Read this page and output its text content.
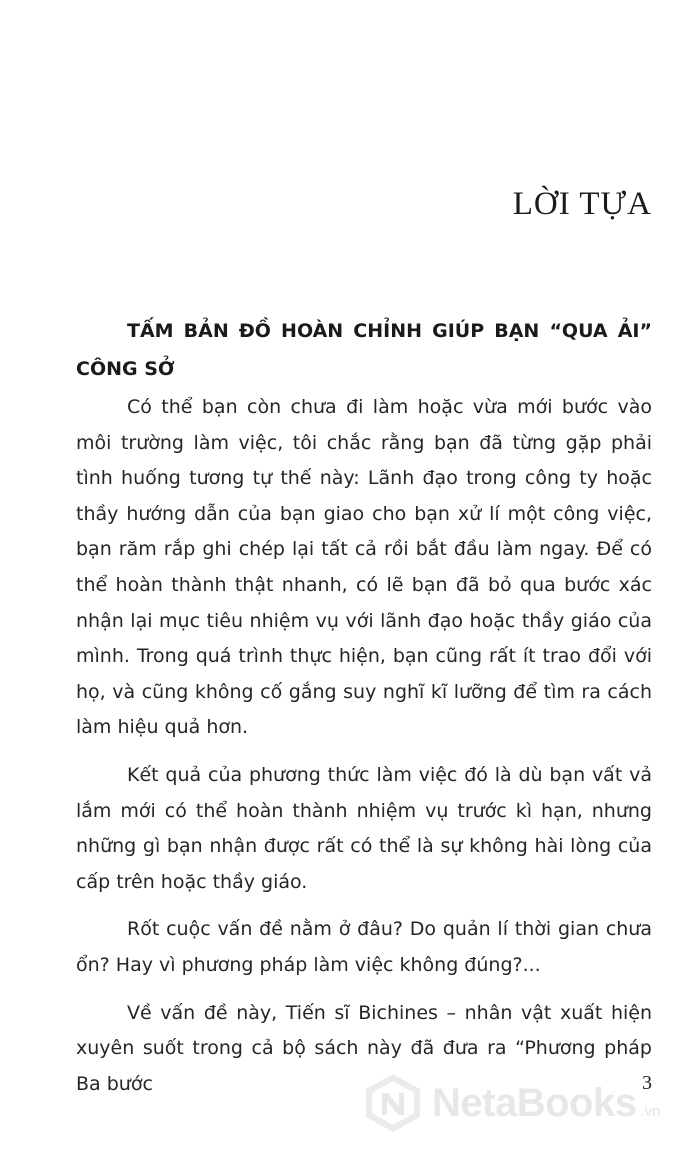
LỜI TỰA
TẤM BẢN ĐỒ HOÀN CHỈNH GIÚP BẠN “QUA ẢI” CÔNG SỞ

Có thể bạn còn chưa đi làm hoặc vừa mới bước vào môi trường làm việc, tôi chắc rằng bạn đã từng gặp phải tình huống tương tự thế này: Lãnh đạo trong công ty hoặc thầy hướng dẫn của bạn giao cho bạn xử lí một công việc, bạn răm rắp ghi chép lại tất cả rồi bắt đầu làm ngay. Để có thể hoàn thành thật nhanh, có lẽ bạn đã bỏ qua bước xác nhận lại mục tiêu nhiệm vụ với lãnh đạo hoặc thầy giáo của mình. Trong quá trình thực hiện, bạn cũng rất ít trao đổi với họ, và cũng không cố gắng suy nghĩ kĩ lưỡng để tìm ra cách làm hiệu quả hơn.

Kết quả của phương thức làm việc đó là dù bạn vất vả lắm mới có thể hoàn thành nhiệm vụ trước kì hạn, nhưng những gì bạn nhận được rất có thể là sự không hài lòng của cấp trên hoặc thầy giáo.

Rốt cuộc vấn đề nằm ở đâu? Do quản lí thời gian chưa ổn? Hay vì phương pháp làm việc không đúng?...

Về vấn đề này, Tiến sĩ Bichines – nhân vật xuất hiện xuyên suốt trong cả bộ sách này đã đưa ra “Phương pháp Ba bước	3
NetaBooks .vn
